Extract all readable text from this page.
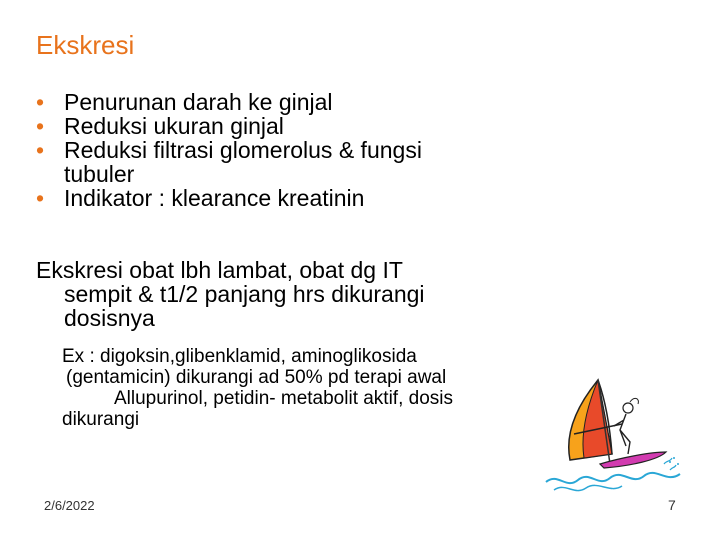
Ekskresi
• Penurunan darah ke ginjal
• Reduksi ukuran ginjal
• Reduksi filtrasi glomerolus & fungsi
tubuler
• Indikator : klearance kreatinin

Ekskresi obat lbh lambat, obat dg IT
sempit & t1/2 panjang hrs dikurangi
dosisnya

Ex : digoksin,glibenklamid, aminoglikosida
(gentamicin) dikurangi ad 50% pd terapi awal
Allupurinol, petidin- metabolit aktif, dosis
dikurangi

2/6/2022	7
